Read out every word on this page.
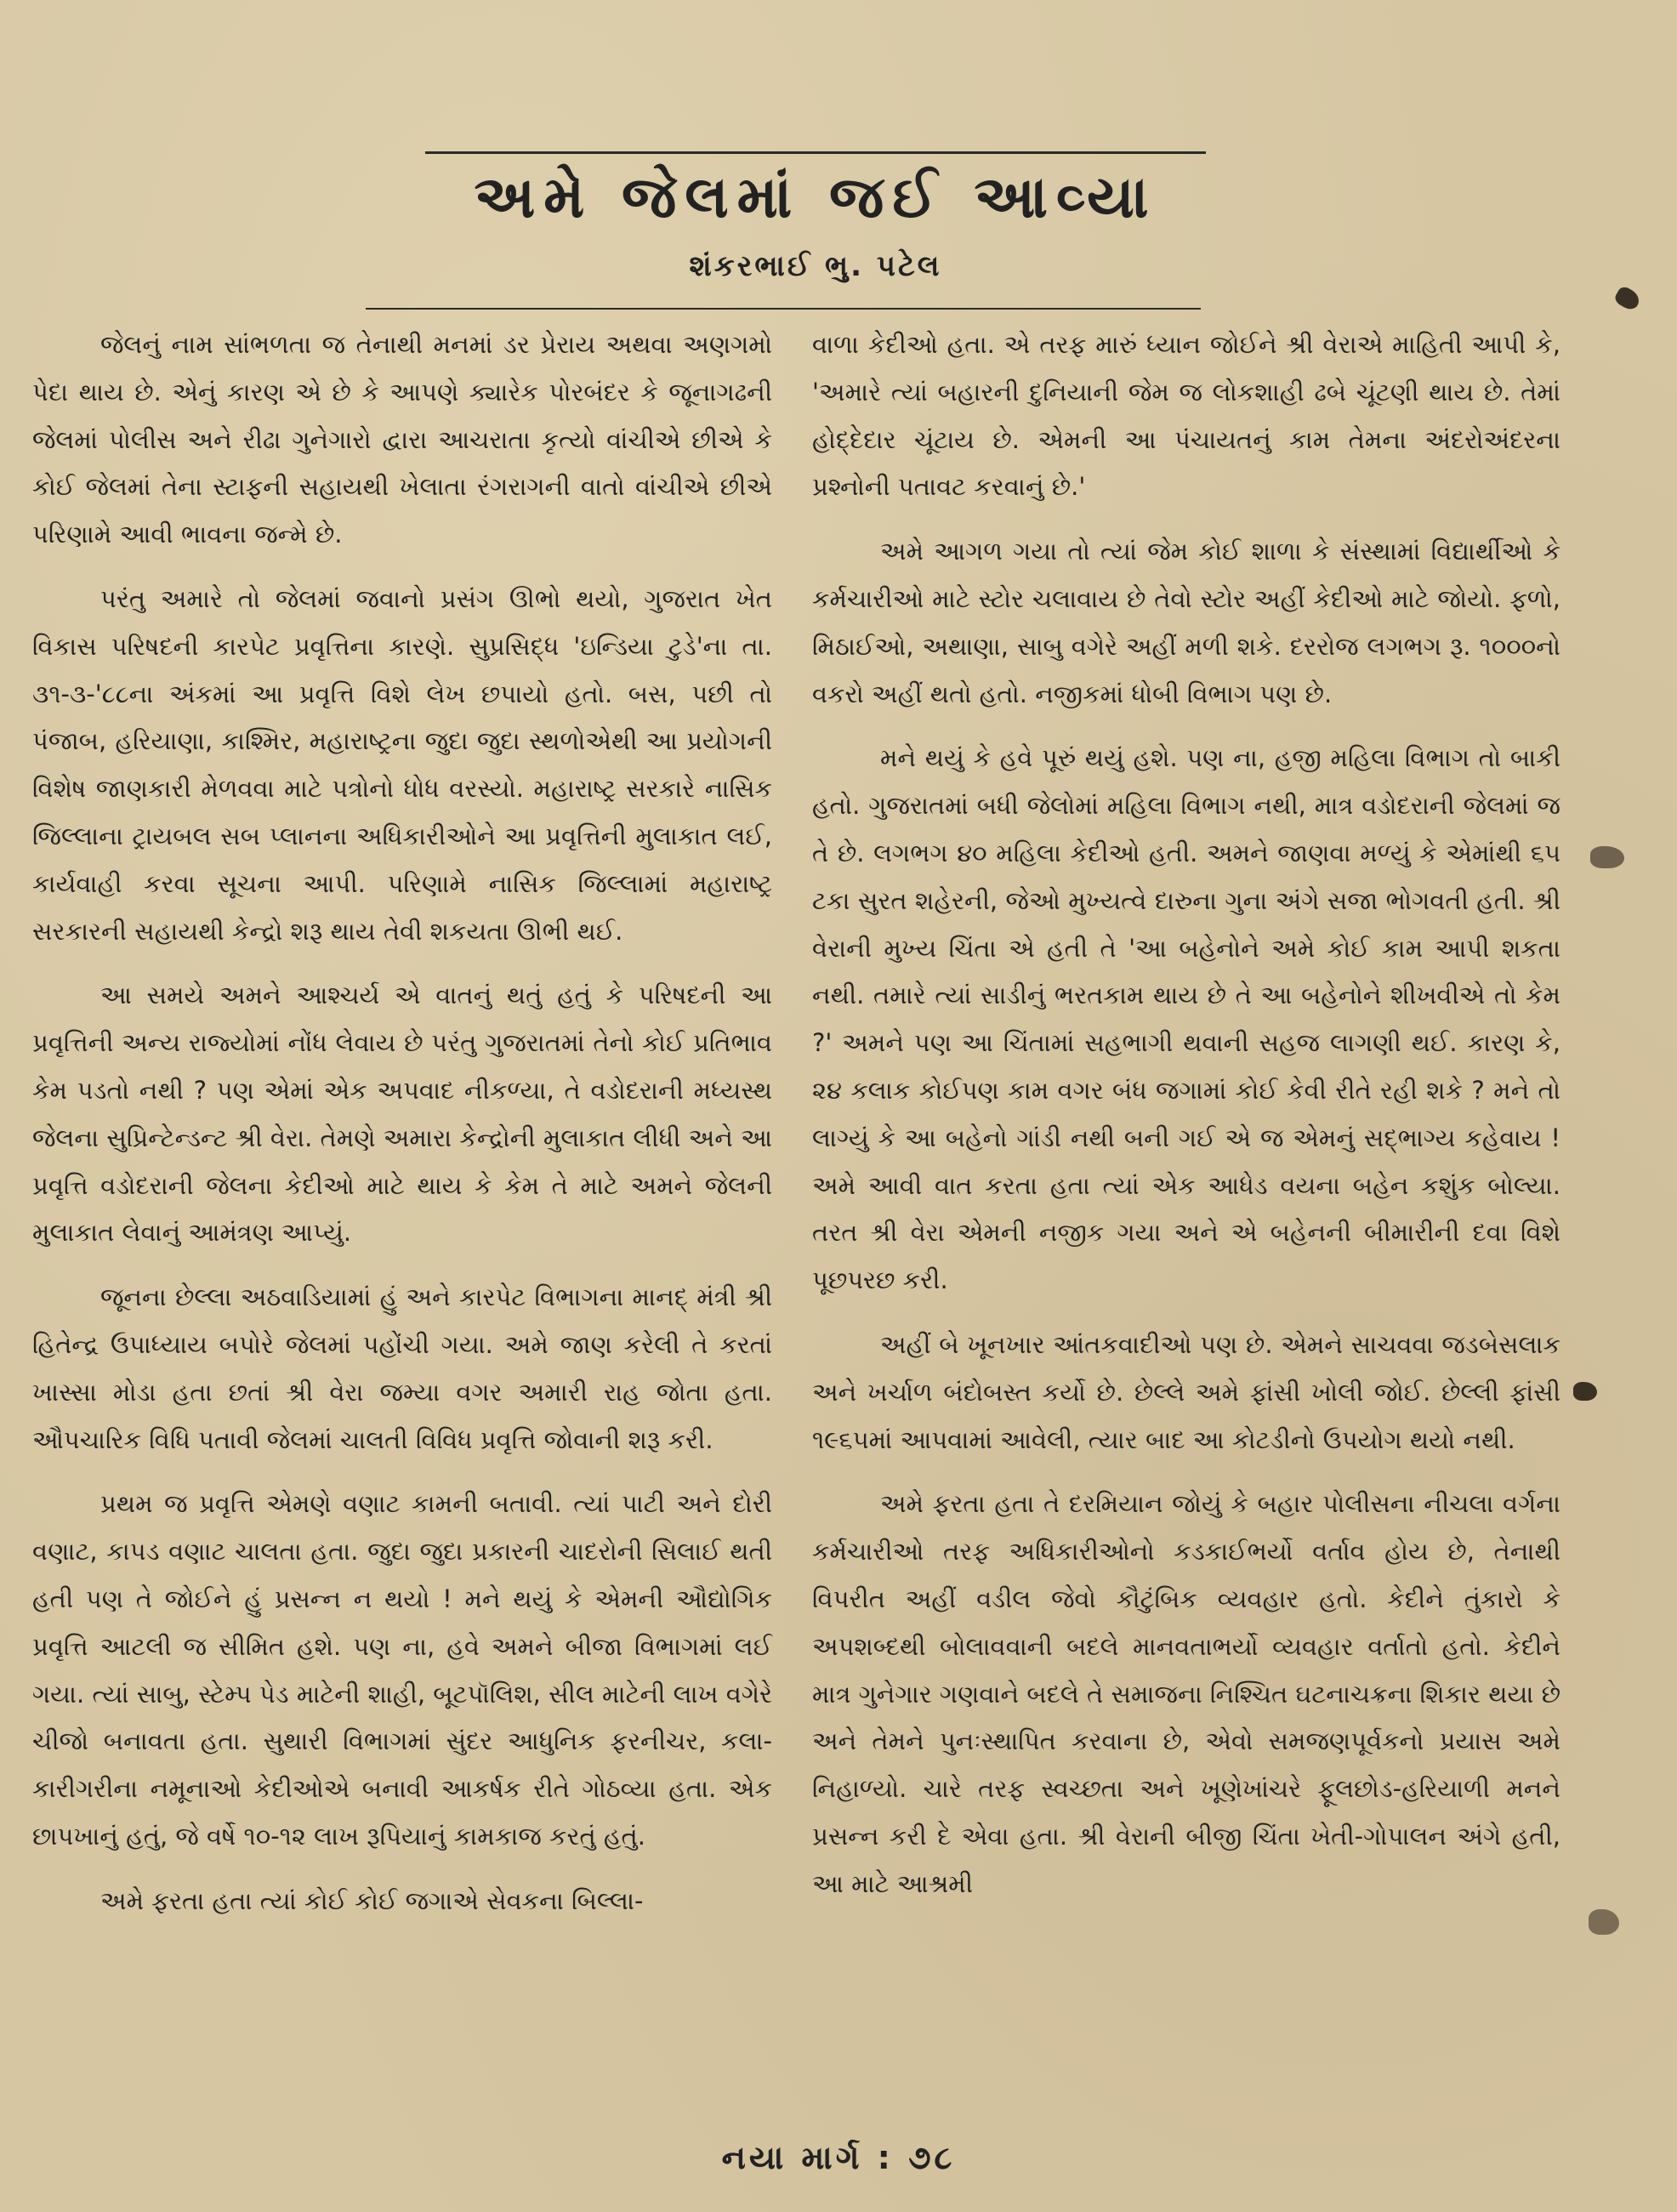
અમે જેલમાં જઈ આવ્યા
શંકરભાઈ ભુ. પટેલ

જેલનું નામ સાંભળતા જ તેનાથી મનમાં ડર પ્રેરાય અથવા અણગમો પેદા થાય છે. એનું કારણ એ છે કે આપણે ક્યારેક પોરબંદર કે જૂનાગઢની જેલમાં પોલીસ અને રીઢા ગુનેગારો દ્વારા આચરાતા કૃત્યો વાંચીએ છીએ કે કોઈ જેલમાં તેના સ્ટાફની સહાયથી ખેલાતા રંગરાગની વાતો વાંચીએ છીએ પરિણામે આવી ભાવના જન્મે છે.

પરંતુ અમારે તો જેલમાં જવાનો પ્રસંગ ઊભો થયો, ગુજરાત ખેત વિકાસ પરિષદની કારપેટ પ્રવૃત્તિના કારણે. સુપ્રસિદ્ધ 'ઇન્ડિયા ટુડે'ના તા. ૩૧-૩-'૮૮ના અંકમાં આ પ્રવૃત્તિ વિશે લેખ છપાયો હતો. બસ, પછી તો પંજાબ, હરિયાણા, કાશ્મિર, મહારાષ્ટ્રના જુદા જુદા સ્થળોએથી આ પ્રયોગની વિશેષ જાણકારી મેળવવા માટે પત્રોનો ધોધ વરસ્યો. મહારાષ્ટ્ર સરકારે નાસિક જિલ્લાના ટ્રાયબલ સબ પ્લાનના અધિકારીઓને આ પ્રવૃત્તિની મુલાકાત લઈ, કાર્યવાહી કરવા સૂચના આપી. પરિણામે નાસિક જિલ્લામાં મહારાષ્ટ્ર સરકારની સહાયથી કેન્દ્રો શરૂ થાય તેવી શકયતા ઊભી થઈ.

આ સમયે અમને આશ્ચર્ય એ વાતનું થતું હતું કે પરિષદની આ પ્રવૃત્તિની અન્ય રાજ્યોમાં નોંધ લેવાય છે પરંતુ ગુજરાતમાં તેનો કોઈ પ્રતિભાવ કેમ પડતો નથી ? પણ એમાં એક અપવાદ નીકળ્યા, તે વડોદરાની મધ્યસ્થ જેલના સુપ્રિન્ટેન્ડન્ટ શ્રી વેરા. તેમણે અમારા કેન્દ્રોની મુલાકાત લીધી અને આ પ્રવૃત્તિ વડોદરાની જેલના કેદીઓ માટે થાય કે કેમ તે માટે અમને જેલની મુલાકાત લેવાનું આમંત્રણ આપ્યું.

જૂનના છેલ્લા અઠવાડિયામાં હું અને કારપેટ વિભાગના માનદ્ મંત્રી શ્રી હિતેન્દ્ર ઉપાધ્યાય બપોરે જેલમાં પહોંચી ગયા. અમે જાણ કરેલી તે કરતાં ખાસ્સા મોડા હતા છતાં શ્રી વેરા જમ્યા વગર અમારી રાહ જોતા હતા. ઔપચારિક વિધિ પતાવી જેલમાં ચાલતી વિવિધ પ્રવૃત્તિ જોવાની શરૂ કરી.

પ્રથમ જ પ્રવૃત્તિ એમણે વણાટ કામની બતાવી. ત્યાં પાટી અને દોરી વણાટ, કાપડ વણાટ ચાલતા હતા. જુદા જુદા પ્રકારની ચાદરોની સિલાઈ થતી હતી પણ તે જોઈને હું પ્રસન્ન ન થયો ! મને થયું કે એમની ઔદ્યોગિક પ્રવૃત્તિ આટલી જ સીમિત હશે. પણ ના, હવે અમને બીજા વિભાગમાં લઈ ગયા. ત્યાં સાબુ, સ્ટેમ્પ પેડ માટેની શાહી, બૂટપૉલિશ, સીલ માટેની લાખ વગેરે ચીજો બનાવતા હતા. સુથારી વિભાગમાં સુંદર આધુનિક ફરનીચર, કલા-કારીગરીના નમૂનાઓ કેદીઓએ બનાવી આકર્ષક રીતે ગોઠવ્યા હતા. એક છાપખાનું હતું, જે વર્ષે ૧૦-૧૨ લાખ રૂપિયાનું કામકાજ કરતું હતું.

અમે ફરતા હતા ત્યાં કોઈ કોઈ જગાએ સેવકના બિલ્લા-

વાળા કેદીઓ હતા. એ તરફ મારું ધ્યાન જોઈને શ્રી વેરાએ માહિતી આપી કે, 'અમારે ત્યાં બહારની દુનિયાની જેમ જ લોકશાહી ઢબે ચૂંટણી થાય છે. તેમાં હોદ્દેદાર ચૂંટાય છે. એમની આ પંચાયતનું કામ તેમના અંદરોઅંદરના પ્રશ્નોની પતાવટ કરવાનું છે.'

અમે આગળ ગયા તો ત્યાં જેમ કોઈ શાળા કે સંસ્થામાં વિદ્યાર્થીઓ કે કર્મચારીઓ માટે સ્ટોર ચલાવાય છે તેવો સ્ટોર અહીં કેદીઓ માટે જોયો. ફળો, મિઠાઈઓ, અથાણા, સાબુ વગેરે અહીં મળી શકે. દરરોજ લગભગ રૂ. ૧૦૦૦નો વકરો અહીં થતો હતો. નજીકમાં ધોબી વિભાગ પણ છે.

મને થયું કે હવે પૂરું થયું હશે. પણ ના, હજી મહિલા વિભાગ તો બાકી હતો. ગુજરાતમાં બધી જેલોમાં મહિલા વિભાગ નથી, માત્ર વડોદરાની જેલમાં જ તે છે. લગભગ ૪૦ મહિલા કેદીઓ હતી. અમને જાણવા મળ્યું કે એમાંથી ૬૫ ટકા સુરત શહેરની, જેઓ મુખ્યત્વે દારુના ગુના અંગે સજા ભોગવતી હતી. શ્રી વેરાની મુખ્ય ચિંતા એ હતી તે 'આ બહેનોને અમે કોઈ કામ આપી શકતા નથી. તમારે ત્યાં સાડીનું ભરતકામ થાય છે તે આ બહેનોને શીખવીએ તો કેમ ?' અમને પણ આ ચિંતામાં સહભાગી થવાની સહજ લાગણી થઈ. કારણ કે, ૨૪ કલાક કોઈપણ કામ વગર બંધ જગામાં કોઈ કેવી રીતે રહી શકે ? મને તો લાગ્યું કે આ બહેનો ગાંડી નથી બની ગઈ એ જ એમનું સદ્‌ભાગ્ય કહેવાય ! અમે આવી વાત કરતા હતા ત્યાં એક આધેડ વયના બહેન કશુંક બોલ્યા. તરત શ્રી વેરા એમની નજીક ગયા અને એ બહેનની બીમારીની દવા વિશે પૂછપરછ કરી.

અહીં બે ખૂનખાર આંતકવાદીઓ પણ છે. એમને સાચવવા જડબેસલાક અને ખર્ચાળ બંદોબસ્ત કર્યો છે. છેલ્લે અમે ફાંસી ખોલી જોઈ. છેલ્લી ફાંસી ૧૯૬૫માં આપવામાં આવેલી, ત્યાર બાદ આ કોટડીનો ઉપયોગ થયો નથી.

અમે ફરતા હતા તે દરમિયાન જોયું કે બહાર પોલીસના નીચલા વર્ગના કર્મચારીઓ તરફ અધિકારીઓનો કડકાઈભર્યો વર્તાવ હોય છે, તેનાથી વિપરીત અહીં વડીલ જેવો કૌટુંબિક વ્યવહાર હતો. કેદીને તુંકારો કે અપશબ્દથી બોલાવવાની બદલે માનવતાભર્યો વ્યવહાર વર્તાતો હતો. કેદીને માત્ર ગુનેગાર ગણવાને બદલે તે સમાજના નિશ્ચિત ઘટનાચક્રના શિકાર થયા છે અને તેમને પુનઃસ્થાપિત કરવાના છે, એવો સમજણપૂર્વકનો પ્રયાસ અમે નિહાળ્યો. ચારે તરફ સ્વચ્છતા અને ખૂણેખાંચરે ફૂલછોડ-હરિયાળી મનને પ્રસન્ન કરી દે એવા હતા. શ્રી વેરાની બીજી ચિંતા ખેતી-ગોપાલન અંગે હતી, આ માટે આશ્રમી

નયા માર્ગ : ૭૮
